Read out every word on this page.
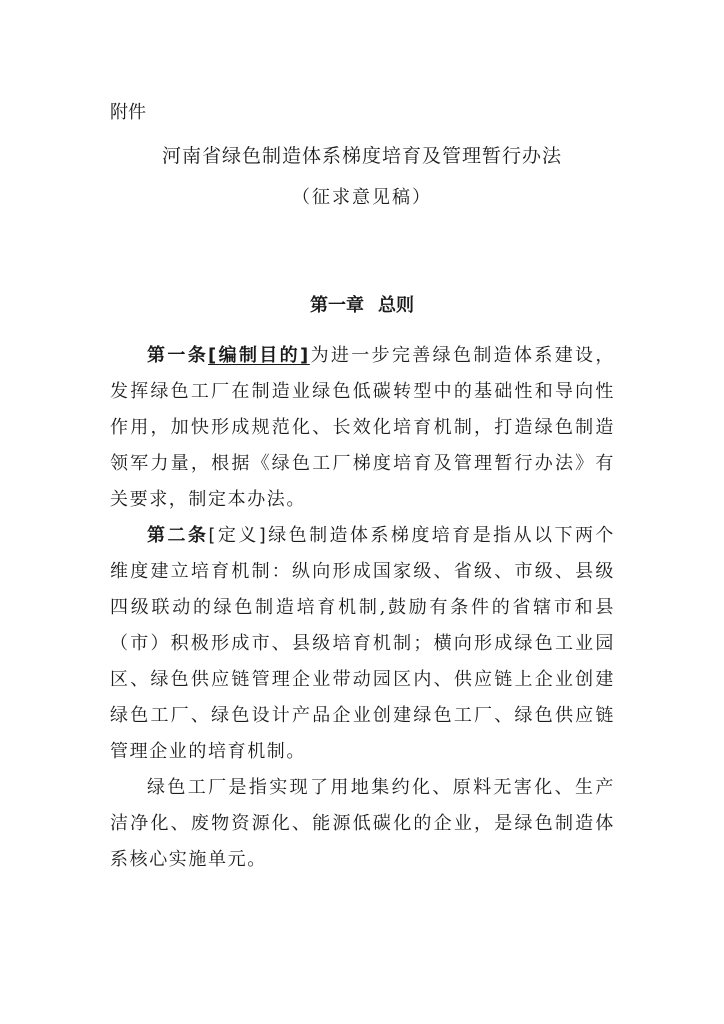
附件
河南省绿色制造体系梯度培育及管理暂行办法
（征求意见稿）
第一章 总则

第一条[编制目的]为进一步完善绿色制造体系建设，发挥绿色工厂在制造业绿色低碳转型中的基础性和导向性作用，加快形成规范化、长效化培育机制，打造绿色制造领军力量，根据《绿色工厂梯度培育及管理暂行办法》有关要求，制定本办法。

第二条[定义]绿色制造体系梯度培育是指从以下两个维度建立培育机制：纵向形成国家级、省级、市级、县级四级联动的绿色制造培育机制,鼓励有条件的省辖市和县（市）积极形成市、县级培育机制；横向形成绿色工业园区、绿色供应链管理企业带动园区内、供应链上企业创建绿色工厂、绿色设计产品企业创建绿色工厂、绿色供应链管理企业的培育机制。

绿色工厂是指实现了用地集约化、原料无害化、生产洁净化、废物资源化、能源低碳化的企业，是绿色制造体系核心实施单元。
